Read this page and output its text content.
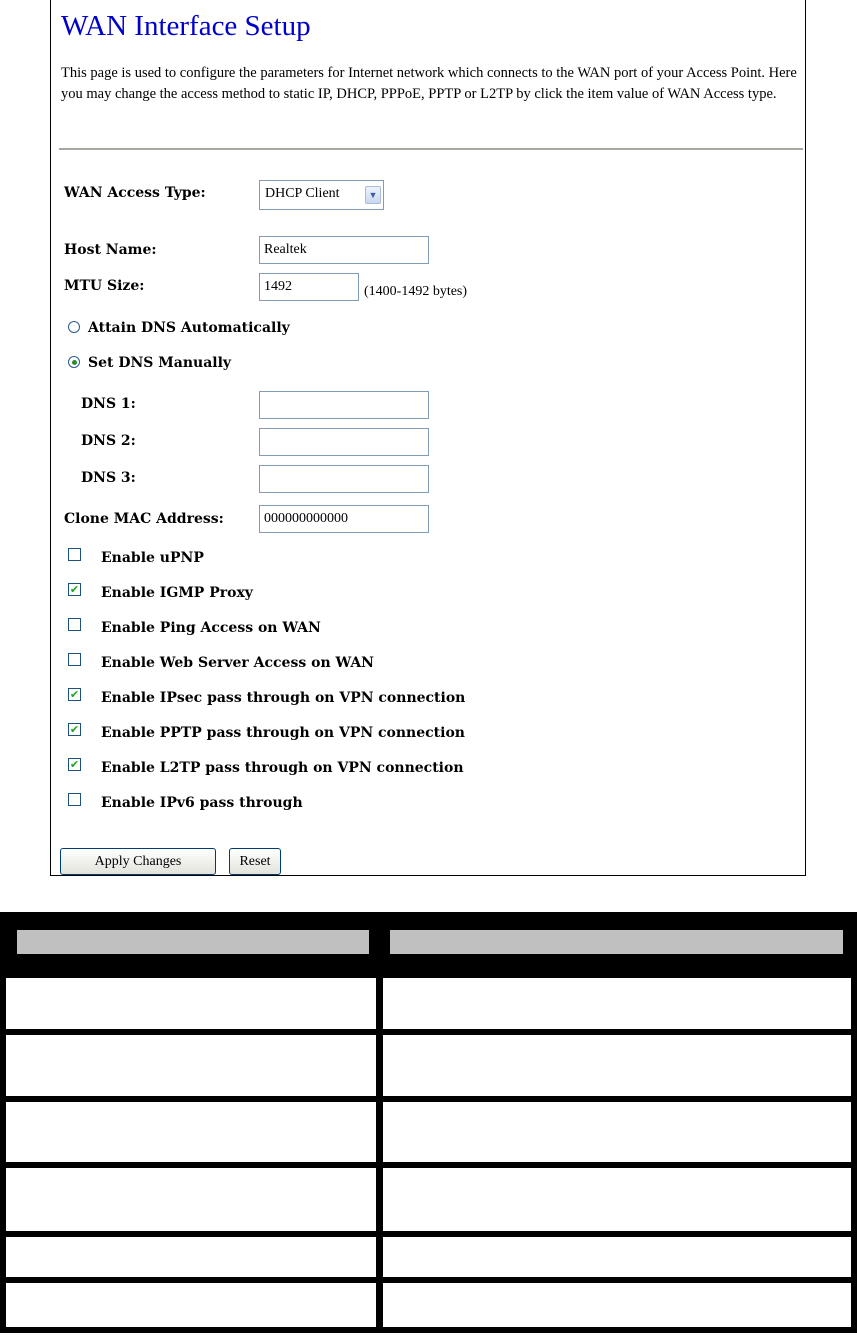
WAN Interface Setup
This page is used to configure the parameters for Internet network which connects to the WAN port of your Access Point. Here you may change the access method to static IP, DHCP, PPPoE, PPTP or L2TP by click the item value of WAN Access type.
WAN Access Type:	DHCP Client	▼
Host Name:	Realtek
MTU Size:	1492	(1400-1492 bytes)
Attain DNS Automatically
Set DNS Manually
DNS 1:
DNS 2:
DNS 3:
Clone MAC Address:	000000000000
Enable uPNP
✔ Enable IGMP Proxy
Enable Ping Access on WAN
Enable Web Server Access on WAN
✔ Enable IPsec pass through on VPN connection
✔ Enable PPTP pass through on VPN connection
✔ Enable L2TP pass through on VPN connection
Enable IPv6 pass through
Apply Changes	Reset
